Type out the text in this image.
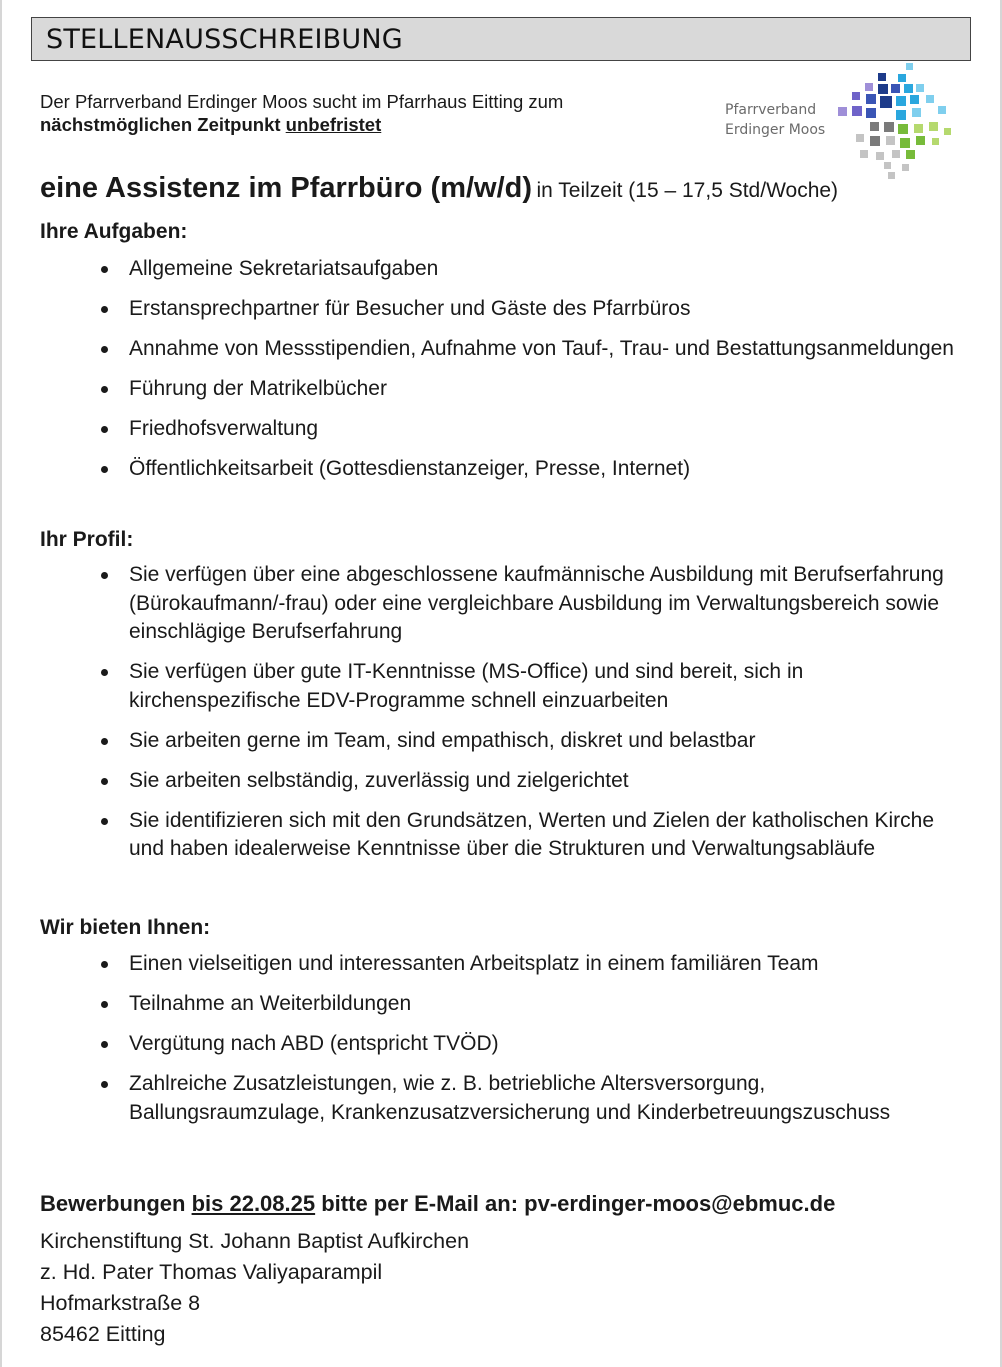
STELLENAUSSCHREIBUNG
Der Pfarrverband Erdinger Moos sucht im Pfarrhaus Eitting zum
nächstmöglichen Zeitpunkt unbefristet
Pfarrverband
Erdinger Moos
eine Assistenz im Pfarrbüro (m/w/d) in Teilzeit (15 – 17,5 Std/Woche)
Ihre Aufgaben:
Allgemeine Sekretariatsaufgaben
Erstansprechpartner für Besucher und Gäste des Pfarrbüros
Annahme von Messstipendien, Aufnahme von Tauf-, Trau- und Bestattungsanmeldungen
Führung der Matrikelbücher
Friedhofsverwaltung
Öffentlichkeitsarbeit (Gottesdienstanzeiger, Presse, Internet)
Ihr Profil:
Sie verfügen über eine abgeschlossene kaufmännische Ausbildung mit Berufserfahrung (Bürokaufmann/-frau) oder eine vergleichbare Ausbildung im Verwaltungsbereich sowie einschlägige Berufserfahrung
Sie verfügen über gute IT-Kenntnisse (MS-Office) und sind bereit, sich in kirchenspezifische EDV-Programme schnell einzuarbeiten
Sie arbeiten gerne im Team, sind empathisch, diskret und belastbar
Sie arbeiten selbständig, zuverlässig und zielgerichtet
Sie identifizieren sich mit den Grundsätzen, Werten und Zielen der katholischen Kirche und haben idealerweise Kenntnisse über die Strukturen und Verwaltungsabläufe
Wir bieten Ihnen:
Einen vielseitigen und interessanten Arbeitsplatz in einem familiären Team
Teilnahme an Weiterbildungen
Vergütung nach ABD (entspricht TVÖD)
Zahlreiche Zusatzleistungen, wie z. B. betriebliche Altersversorgung, Ballungsraumzulage, Krankenzusatzversicherung und Kinderbetreuungszuschuss
Bewerbungen bis 22.08.25 bitte per E-Mail an: pv-erdinger-moos@ebmuc.de
Kirchenstiftung St. Johann Baptist Aufkirchen
z. Hd. Pater Thomas Valiyaparampil
Hofmarkstraße 8
85462 Eitting
